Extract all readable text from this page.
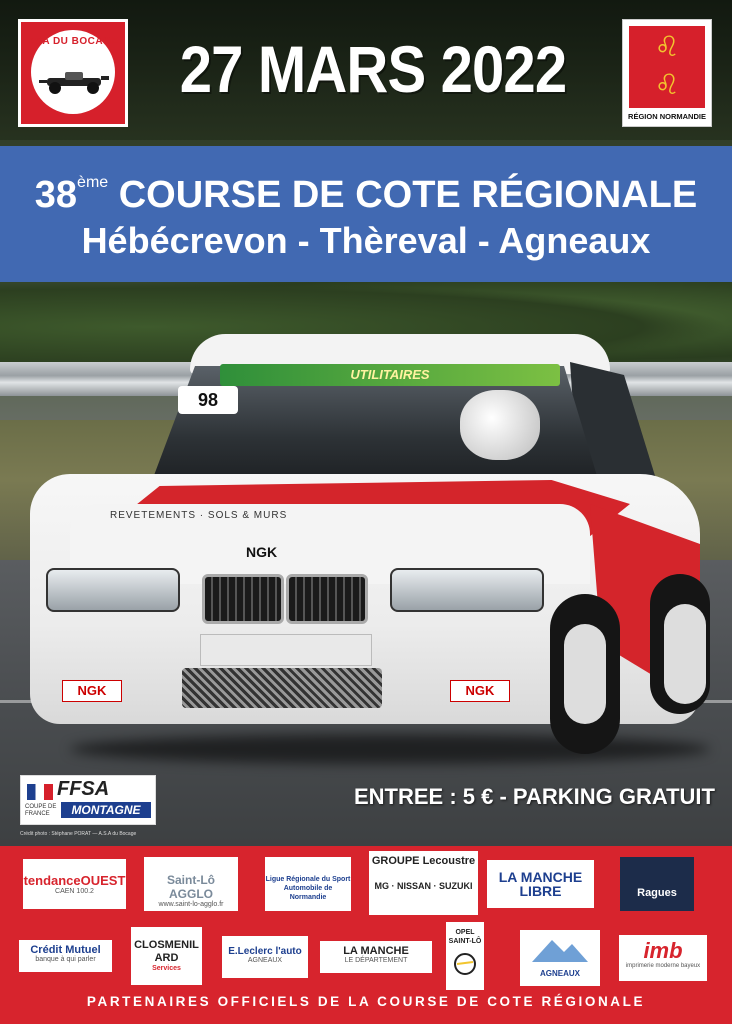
UTILITAIRES
98
REVETEMENTS · SOLS & MURS
NGK
NGK	NGK
ASA DU BOCAGE 27 MARS 2022	♌
♌
RÉGION NORMANDIE
38ème COURSE DE COTE RÉGIONALE
Hébécrevon - Thèreval - Agneaux
FFSA
COUPE DE FRANCE	MONTAGNE
Crédit photo : Stéphane PORAT — A.S.A du Bocage
ENTREE : 5 € - PARKING GRATUIT
tendanceOUEST
CAEN 100.2
Saint-Lô AGGLO
www.saint-lo-agglo.fr
Ligue Régionale du Sport Automobile de Normandie
GROUPE Lecoustre
MG · NISSAN · SUZUKI
LA MANCHE LIBRE	Ragues
Crédit Mutuel
banque à qui parler
CLOSMENIL ARD
Services
E.Leclerc l'auto
AGNEAUX
LA MANCHE
LE DÉPARTEMENT
OPEL SAINT-LÔ
AGNEAUX
imb
imprimerie moderne bayeux
PARTENAIRES OFFICIELS DE LA COURSE DE COTE RÉGIONALE
